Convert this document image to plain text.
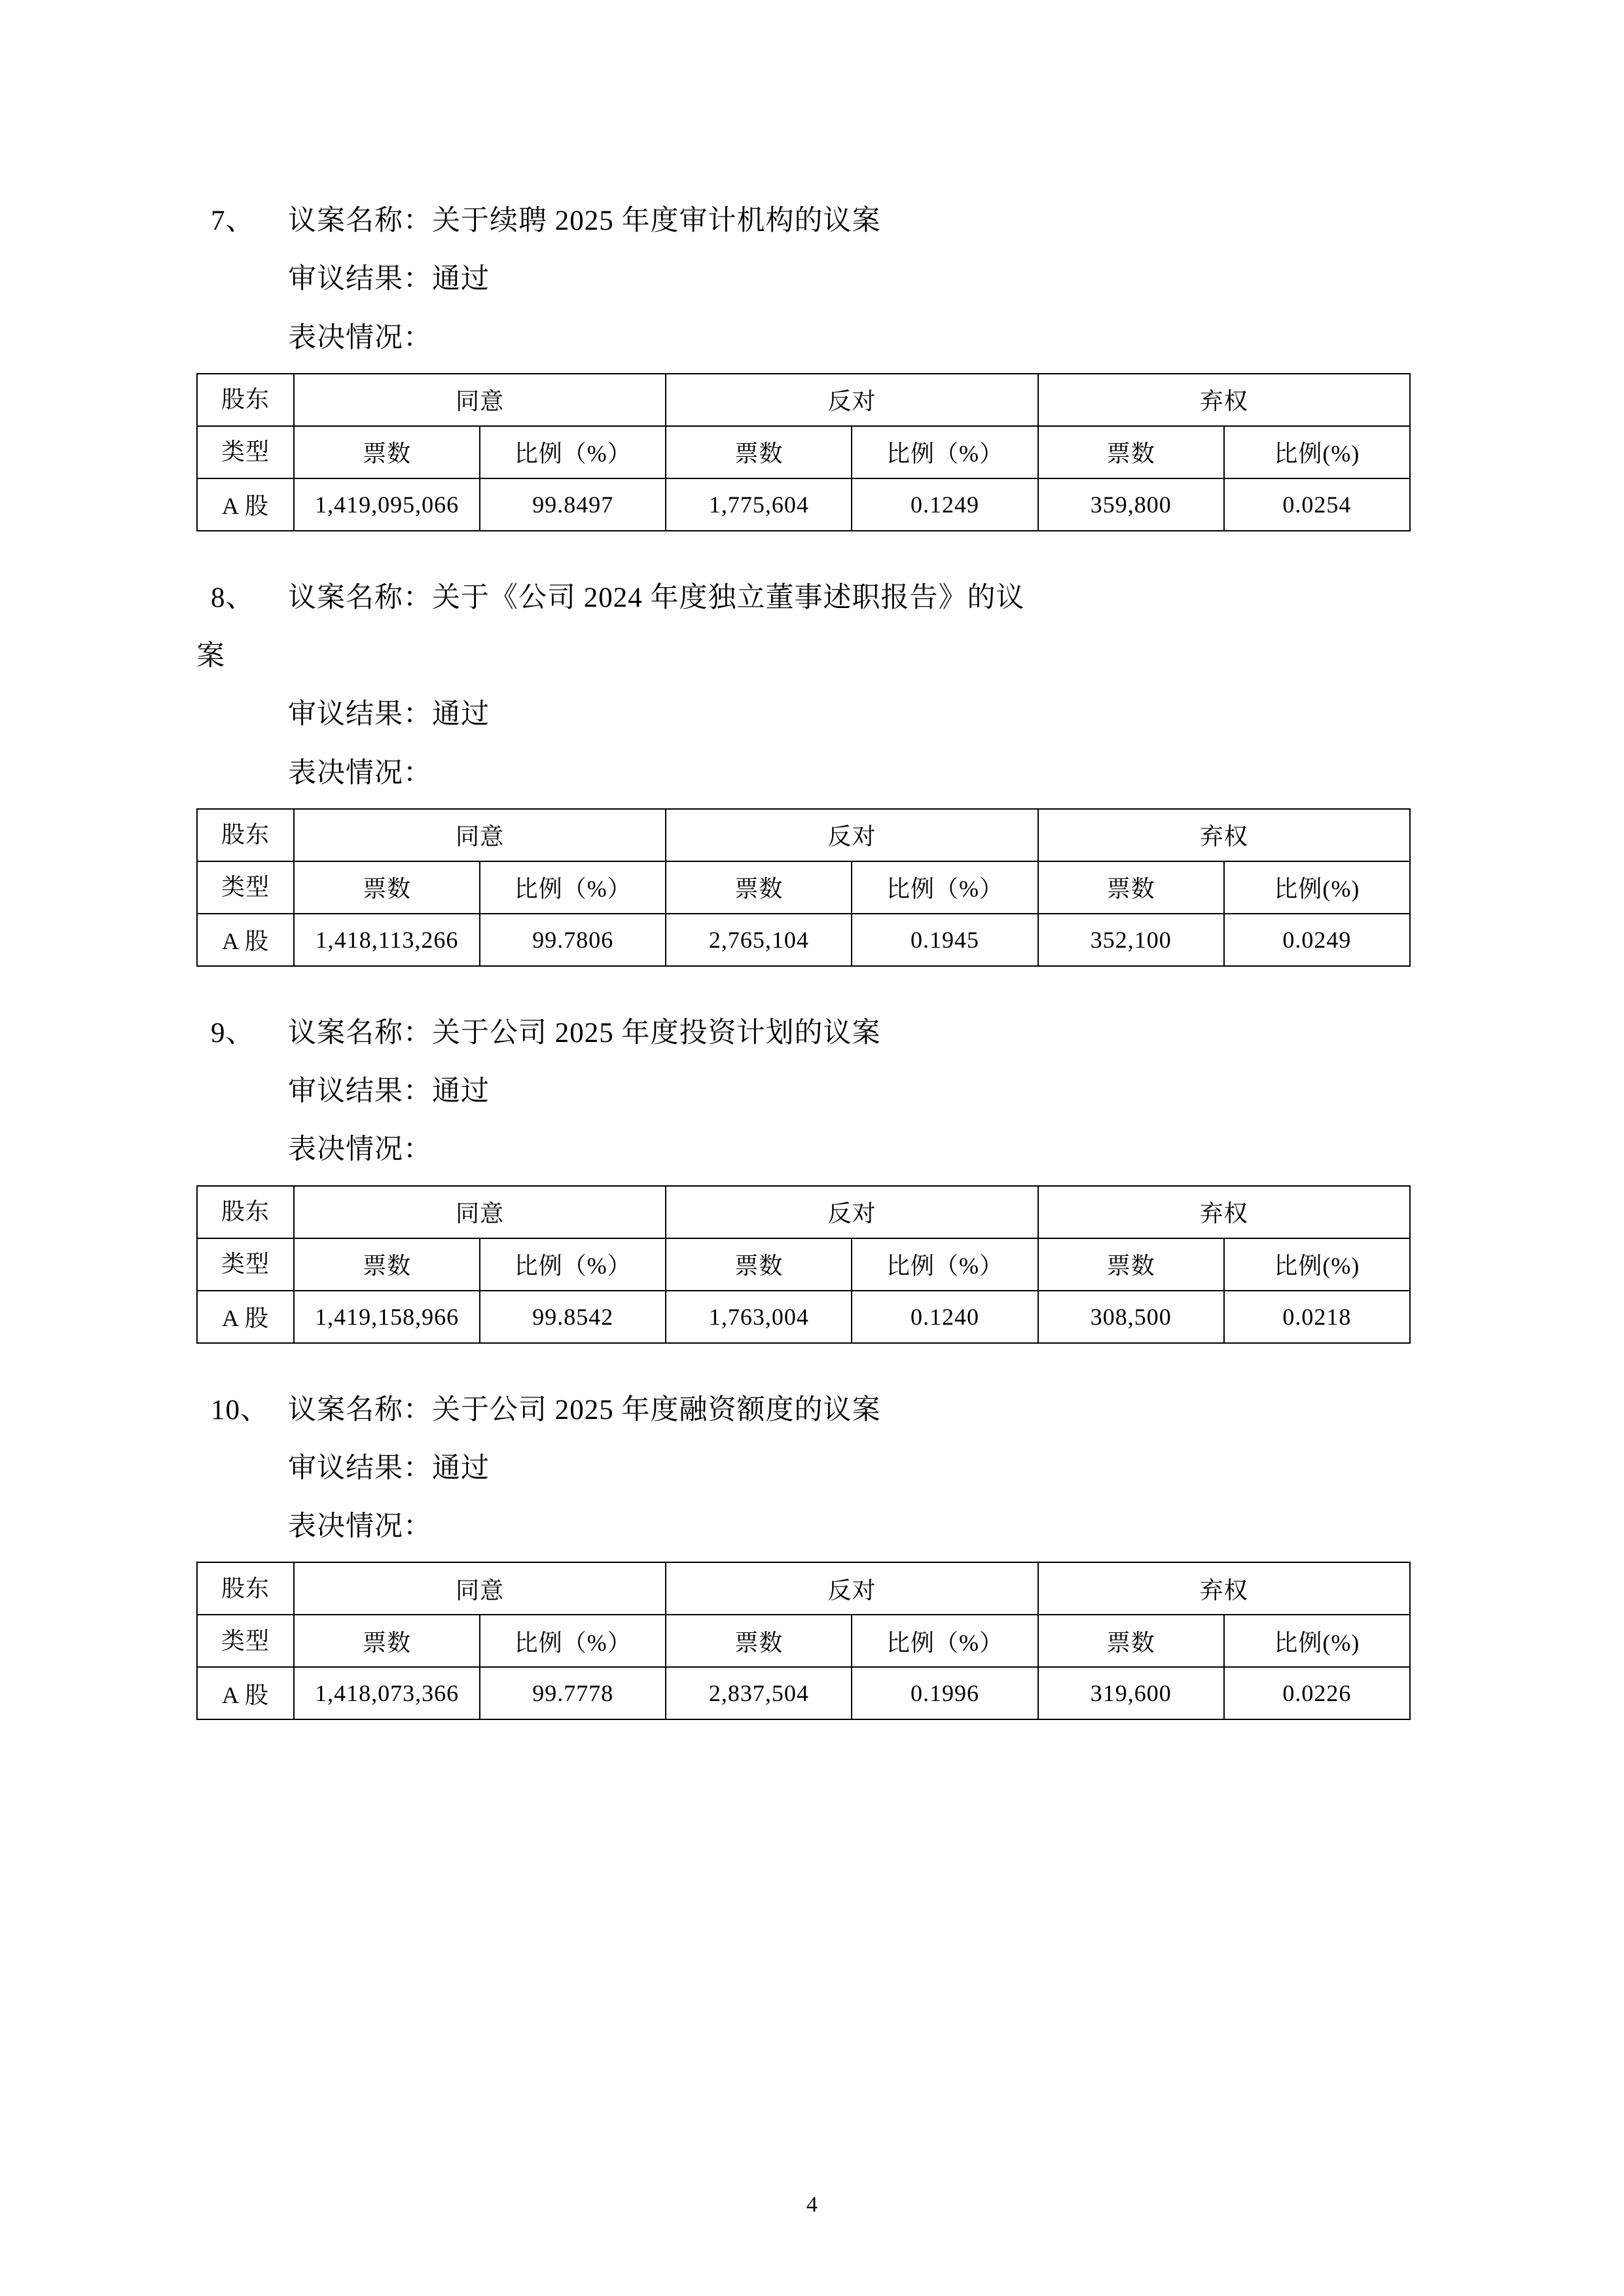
7、 议案名称：关于续聘 2025 年度审计机构的议案

审议结果：通过

表决情况：

股东	同意		反对		弃权	
类型	票数	比例（%）	票数	比例（%）	票数	比例(%)
A 股	1,419,095,066	99.8497	1,775,604	0.1249	359,800	0.0254

8、 议案名称：关于《公司 2024 年度独立董事述职报告》的议

案

审议结果：通过

表决情况：

股东	同意		反对		弃权	
类型	票数	比例（%）	票数	比例（%）	票数	比例(%)
A 股	1,418,113,266	99.7806	2,765,104	0.1945	352,100	0.0249

9、 议案名称：关于公司 2025 年度投资计划的议案

审议结果：通过

表决情况：

股东	同意		反对		弃权	
类型	票数	比例（%）	票数	比例（%）	票数	比例(%)
A 股	1,419,158,966	99.8542	1,763,004	0.1240	308,500	0.0218

10、 议案名称：关于公司 2025 年度融资额度的议案

审议结果：通过

表决情况：

股东	同意		反对		弃权	
类型	票数	比例（%）	票数	比例（%）	票数	比例(%)
A 股	1,418,073,366	99.7778	2,837,504	0.1996	319,600	0.0226
4
